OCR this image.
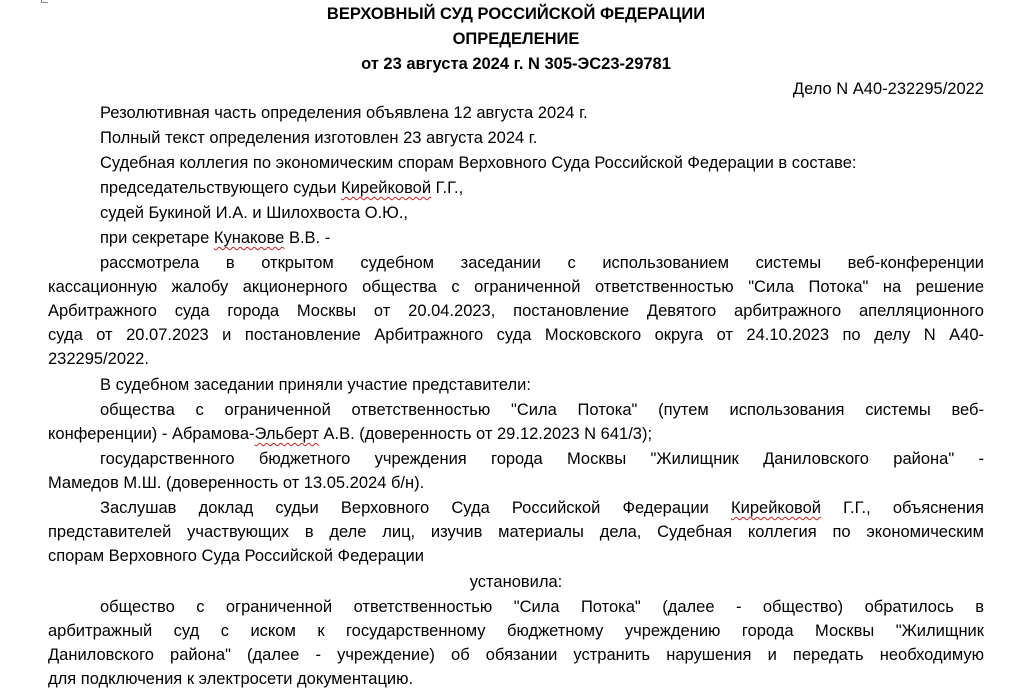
ВЕРХОВНЫЙ СУД РОССИЙСКОЙ ФЕДЕРАЦИИ
ОПРЕДЕЛЕНИЕ
от 23 августа 2024 г. N 305-ЭС23-29781
Дело N А40-232295/2022

Резолютивная часть определения объявлена 12 августа 2024 г.

Полный текст определения изготовлен 23 августа 2024 г.

Судебная коллегия по экономическим спорам Верховного Суда Российской Федерации в составе:

председательствующего судьи Кирейковой Г.Г.,

судей Букиной И.А. и Шилохвоста О.Ю.,

при секретаре Кунакове В.В. -

рассмотрела в открытом судебном заседании с использованием системы веб-конференции

кассационную жалобу акционерного общества с ограниченной ответственностью "Сила Потока" на решение

Арбитражного суда города Москвы от 20.04.2023, постановление Девятого арбитражного апелляционного

суда от 20.07.2023 и постановление Арбитражного суда Московского округа от 24.10.2023 по делу N А40-

232295/2022.

В судебном заседании приняли участие представители:

общества с ограниченной ответственностью "Сила Потока" (путем использования системы веб-

конференции) - Абрамова-Эльберт А.В. (доверенность от 29.12.2023 N 641/3);

государственного бюджетного учреждения города Москвы "Жилищник Даниловского района" -

Мамедов М.Ш. (доверенность от 13.05.2024 б/н).

Заслушав доклад судьи Верховного Суда Российской Федерации Кирейковой Г.Г., объяснения

представителей участвующих в деле лиц, изучив материалы дела, Судебная коллегия по экономическим

спорам Верховного Суда Российской Федерации

установила:

общество с ограниченной ответственностью "Сила Потока" (далее - общество) обратилось в

арбитражный суд с иском к государственному бюджетному учреждению города Москвы "Жилищник

Даниловского района" (далее - учреждение) об обязании устранить нарушения и передать необходимую

для подключения к электросети документацию.
